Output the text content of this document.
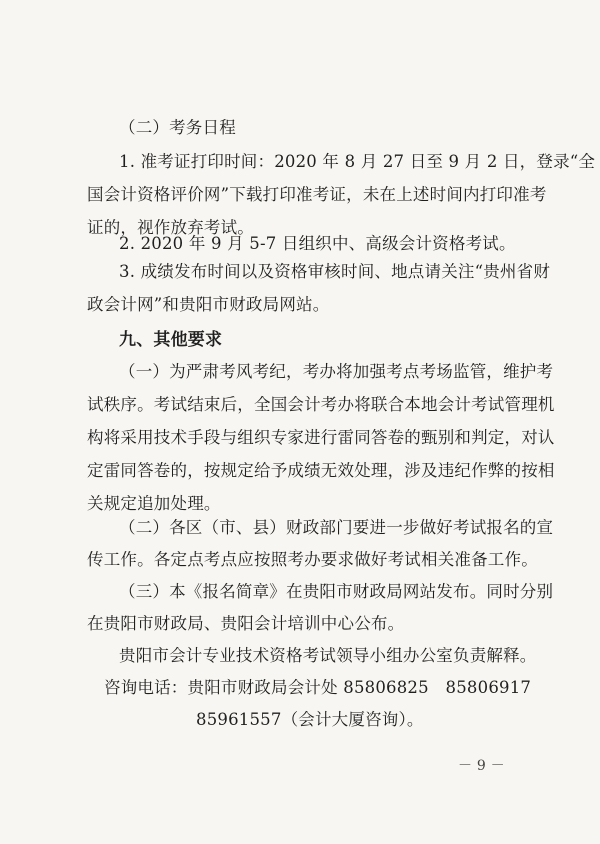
（二）考务日程
1. 准考证打印时间：2020 年 8 月 27 日至 9 月 2 日，登录“全
国会计资格评价网”下载打印准考证，未在上述时间内打印准考
证的，视作放弃考试。
2. 2020 年 9 月 5-7 日组织中、高级会计资格考试。
3. 成绩发布时间以及资格审核时间、地点请关注“贵州省财
政会计网”和贵阳市财政局网站。
九、其他要求
（一）为严肃考风考纪，考办将加强考点考场监管，维护考
试秩序。考试结束后，全国会计考办将联合本地会计考试管理机
构将采用技术手段与组织专家进行雷同答卷的甄别和判定，对认
定雷同答卷的，按规定给予成绩无效处理，涉及违纪作弊的按相
关规定追加处理。
（二）各区（市、县）财政部门要进一步做好考试报名的宣
传工作。各定点考点应按照考办要求做好考试相关准备工作。
（三）本《报名简章》在贵阳市财政局网站发布。同时分别
在贵阳市财政局、贵阳会计培训中心公布。
贵阳市会计专业技术资格考试领导小组办公室负责解释。
咨询电话：贵阳市财政局会计处 85806825　85806917
85961557（会计大厦咨询）。
－ 9 －
